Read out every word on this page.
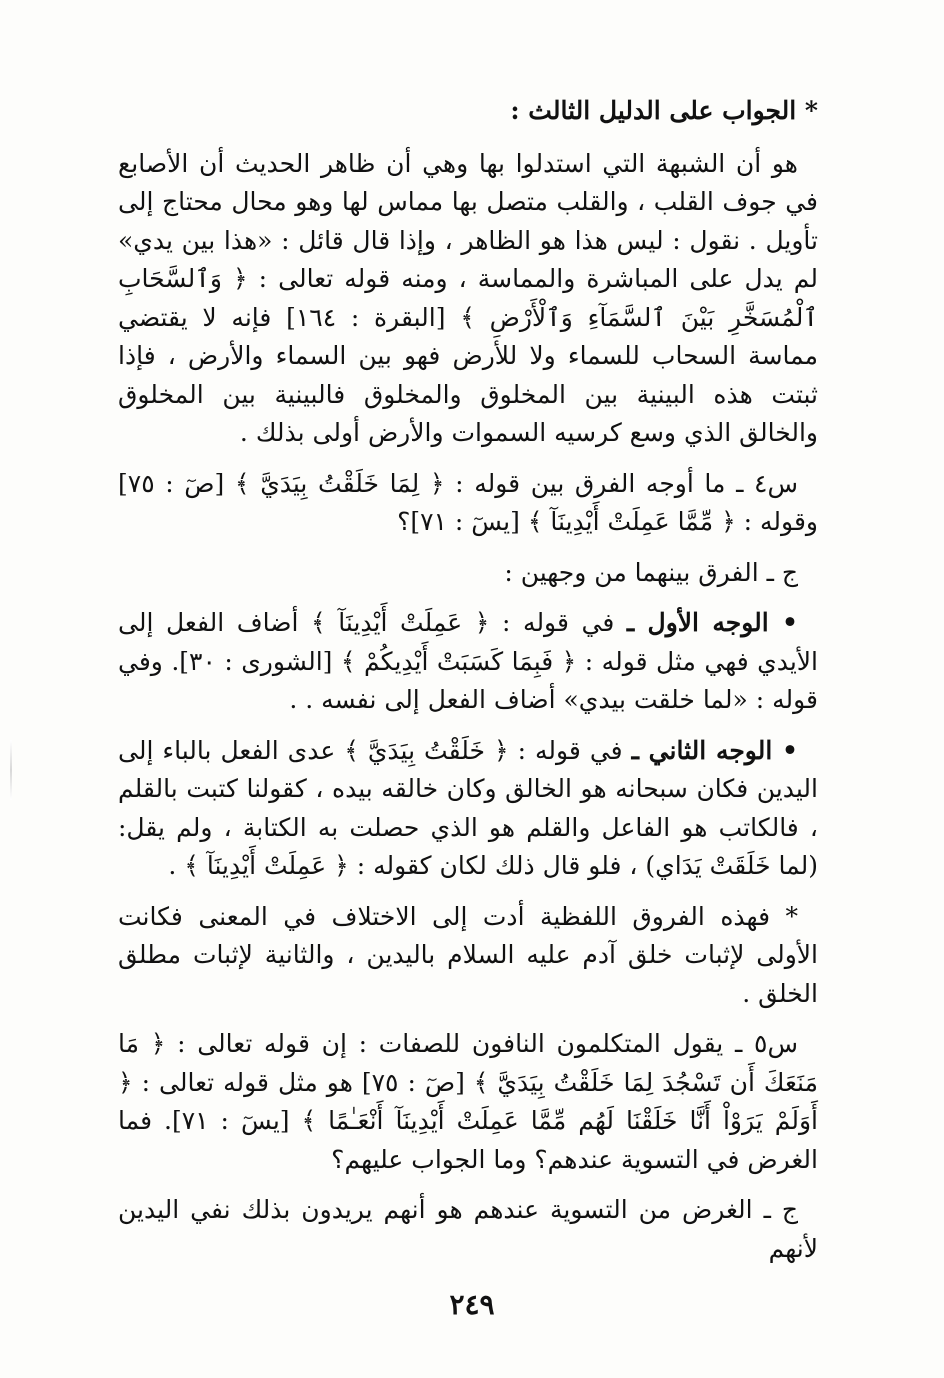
* الجواب على الدليل الثالث :

هو أن الشبهة التي استدلوا بها وهي أن ظاهر الحديث أن الأصابع في جوف القلب ، والقلب متصل بها مماس لها وهو محال محتاج إلى تأويل . نقول : ليس هذا هو الظاهر ، وإذا قال قائل : «هذا بين يدي» لم يدل على المباشرة والمماسة ، ومنه قوله تعالى : ﴿ وَٱلسَّحَابِ ٱلْمُسَخَّرِ بَيْنَ ٱلسَّمَآءِ وَٱلْأَرْضِ ﴾ [البقرة : ١٦٤] فإنه لا يقتضي مماسة السحاب للسماء ولا للأرض فهو بين السماء والأرض ، فإذا ثبتت هذه البينية بين المخلوق والمخلوق فالبينية بين المخلوق والخالق الذي وسع كرسيه السموات والأرض أولى بذلك .

س٤ ـ ما أوجه الفرق بين قوله : ﴿ لِمَا خَلَقْتُ بِيَدَيَّ ﴾ [صٓ : ٧٥] وقوله : ﴿ مِّمَّا عَمِلَتْ أَيْدِينَآ ﴾ [يسٓ : ٧١]؟

ج ـ الفرق بينهما من وجهين :

• الوجه الأول ـ في قوله : ﴿ عَمِلَتْ أَيْدِينَآ ﴾ أضاف الفعل إلى الأيدي فهي مثل قوله : ﴿ فَبِمَا كَسَبَتْ أَيْدِيكُمْ ﴾ [الشورى : ٣٠]. وفي قوله : «لما خلقت بيدي» أضاف الفعل إلى نفسه . .

• الوجه الثاني ـ في قوله : ﴿ خَلَقْتُ بِيَدَيَّ ﴾ عدى الفعل بالباء إلى اليدين فكان سبحانه هو الخالق وكان خالقه بيده ، كقولنا كتبت بالقلم ، فالكاتب هو الفاعل والقلم هو الذي حصلت به الكتابة ، ولم يقل: (لما خَلَقَتْ يَدَاي) ، فلو قال ذلك لكان كقوله : ﴿ عَمِلَتْ أَيْدِينَآ ﴾ .

* فهذه الفروق اللفظية أدت إلى الاختلاف في المعنى فكانت الأولى لإثبات خلق آدم عليه السلام باليدين ، والثانية لإثبات مطلق الخلق .

س٥ ـ يقول المتكلمون النافون للصفات : إن قوله تعالى : ﴿ مَا مَنَعَكَ أَن تَسْجُدَ لِمَا خَلَقْتُ بِيَدَيَّ ﴾ [صٓ : ٧٥] هو مثل قوله تعالى : ﴿ أَوَلَمْ يَرَوْاْ أَنَّا خَلَقْنَا لَهُم مِّمَّا عَمِلَتْ أَيْدِينَآ أَنْعَـٰمًا ﴾ [يسٓ : ٧١]. فما الغرض في التسوية عندهم؟ وما الجواب عليهم؟

ج ـ الغرض من التسوية عندهم هو أنهم يريدون بذلك نفي اليدين لأنهم

٢٤٩
